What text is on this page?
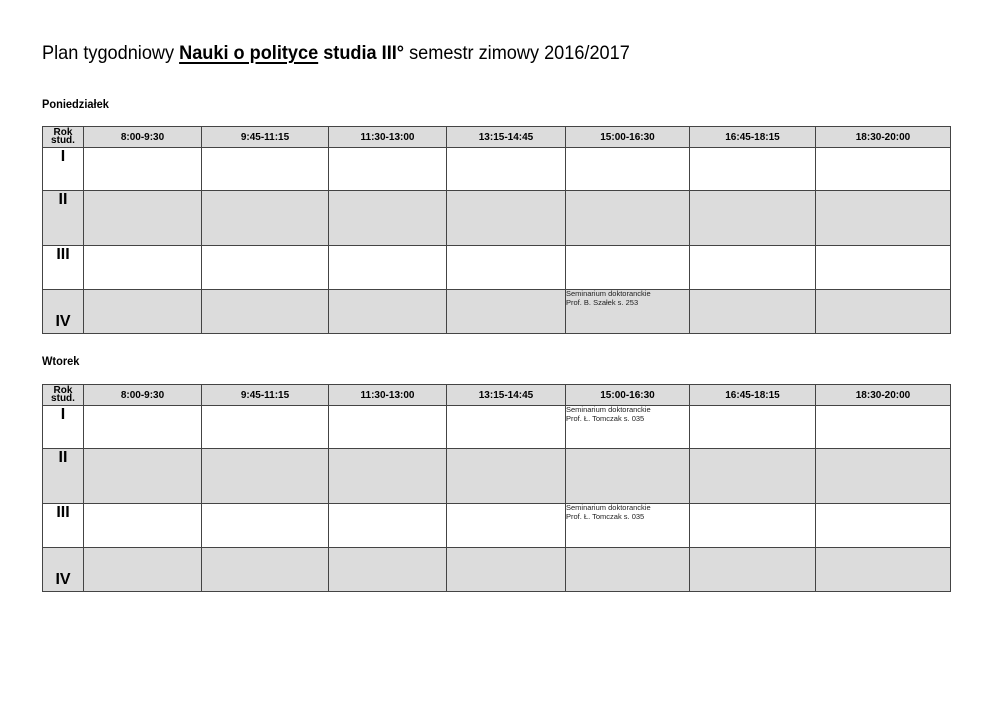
Plan tygodniowy Nauki o polityce studia III° semestr zimowy 2016/2017
Poniedziałek
Rok
stud.	8:00-9:30	9:45-11:15	11:30-13:00	13:15-14:45	15:00-16:30	16:45-18:15	18:30-20:00
I							
II							
III							
IV					Seminarium doktoranckie
Prof. B. Szałek s. 253		

Wtorek
Rok
stud.	8:00-9:30	9:45-11:15	11:30-13:00	13:15-14:45	15:00-16:30	16:45-18:15	18:30-20:00
I					Seminarium doktoranckie
Prof. Ł. Tomczak s. 035		

II							
III					Seminarium doktoranckie
Prof. Ł. Tomczak s. 035		

IV							
